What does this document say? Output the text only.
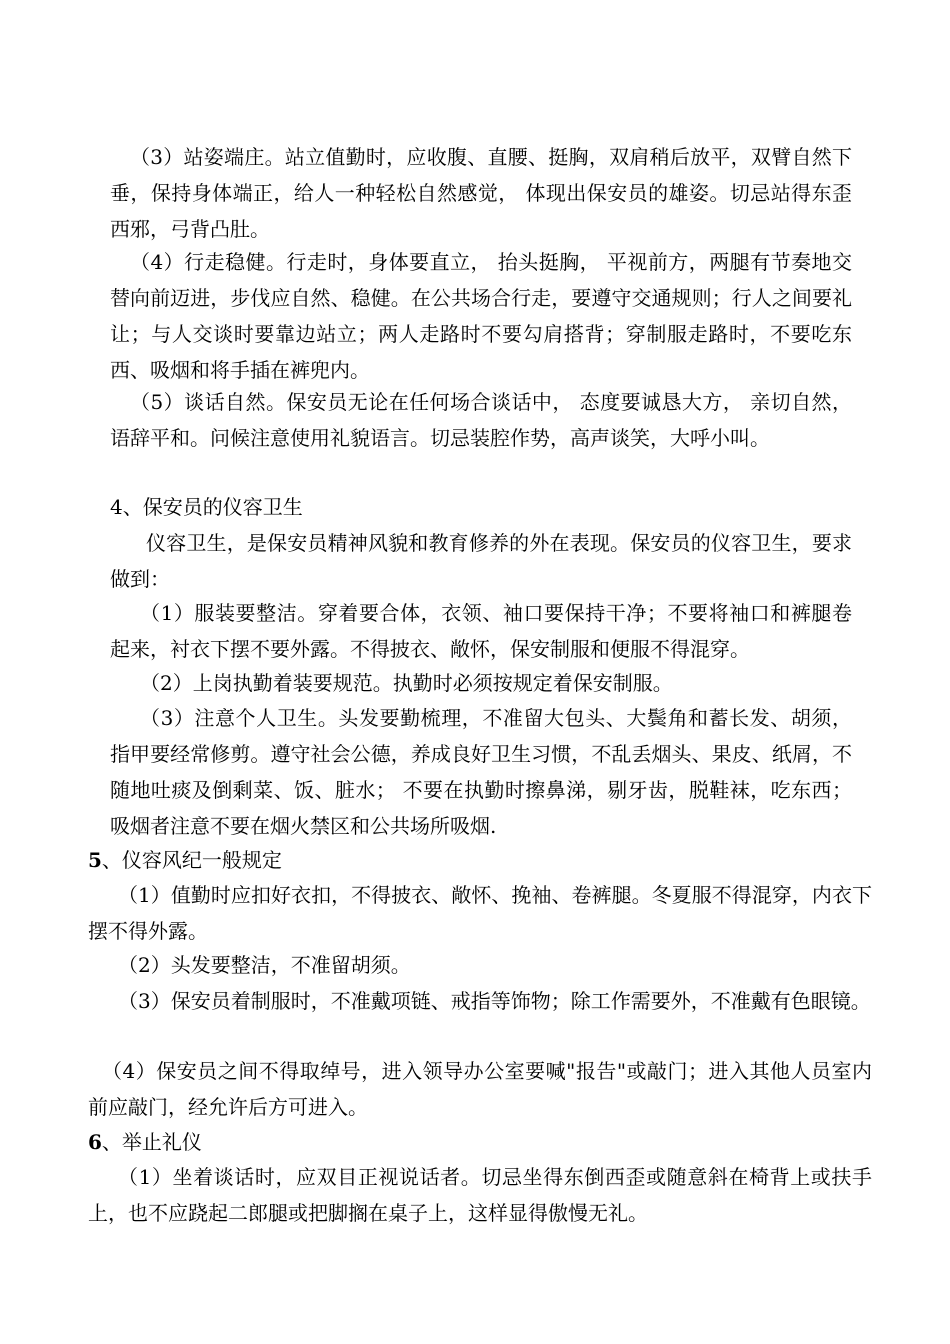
（3）站姿端庄。站立值勤时，应收腹、直腰、挺胸，双肩稍后放平，双臂自然下垂，保持身体端正，给人一种轻松自然感觉， 体现出保安员的雄姿。切忌站得东歪西邪，弓背凸肚。

（4）行走稳健。行走时，身体要直立， 抬头挺胸， 平视前方，两腿有节奏地交替向前迈进，步伐应自然、稳健。在公共场合行走，要遵守交通规则；行人之间要礼让；与人交谈时要靠边站立；两人走路时不要勾肩搭背；穿制服走路时，不要吃东西、吸烟和将手插在裤兜内。

（5）谈话自然。保安员无论在任何场合谈话中， 态度要诚恳大方， 亲切自然， 语辞平和。问候注意使用礼貌语言。切忌装腔作势，高声谈笑，大呼小叫。

4、保安员的仪容卫生

仪容卫生，是保安员精神风貌和教育修养的外在表现。保安员的仪容卫生，要求做到：

（1）服装要整洁。穿着要合体，衣领、袖口要保持干净；不要将袖口和裤腿卷起来，衬衣下摆不要外露。不得披衣、敞怀，保安制服和便服不得混穿。

（2）上岗执勤着装要规范。执勤时必须按规定着保安制服。

（3）注意个人卫生。头发要勤梳理，不准留大包头、大鬓角和蓄长发、胡须，指甲要经常修剪。遵守社会公德，养成良好卫生习惯，不乱丢烟头、果皮、纸屑，不随地吐痰及倒剩菜、饭、脏水； 不要在执勤时擦鼻涕，剔牙齿，脱鞋袜，吃东西；吸烟者注意不要在烟火禁区和公共场所吸烟.

5、仪容风纪一般规定

（1）值勤时应扣好衣扣，不得披衣、敞怀、挽袖、卷裤腿。冬夏服不得混穿，内衣下摆不得外露。

（2）头发要整洁，不准留胡须。

（3）保安员着制服时，不准戴项链、戒指等饰物；除工作需要外，不准戴有色眼镜。

（4）保安员之间不得取绰号，进入领导办公室要喊"报告"或敲门；进入其他人员室内前应敲门，经允许后方可进入。

6、举止礼仪

（1）坐着谈话时，应双目正视说话者。切忌坐得东倒西歪或随意斜在椅背上或扶手上，也不应跷起二郎腿或把脚搁在桌子上，这样显得傲慢无礼。
